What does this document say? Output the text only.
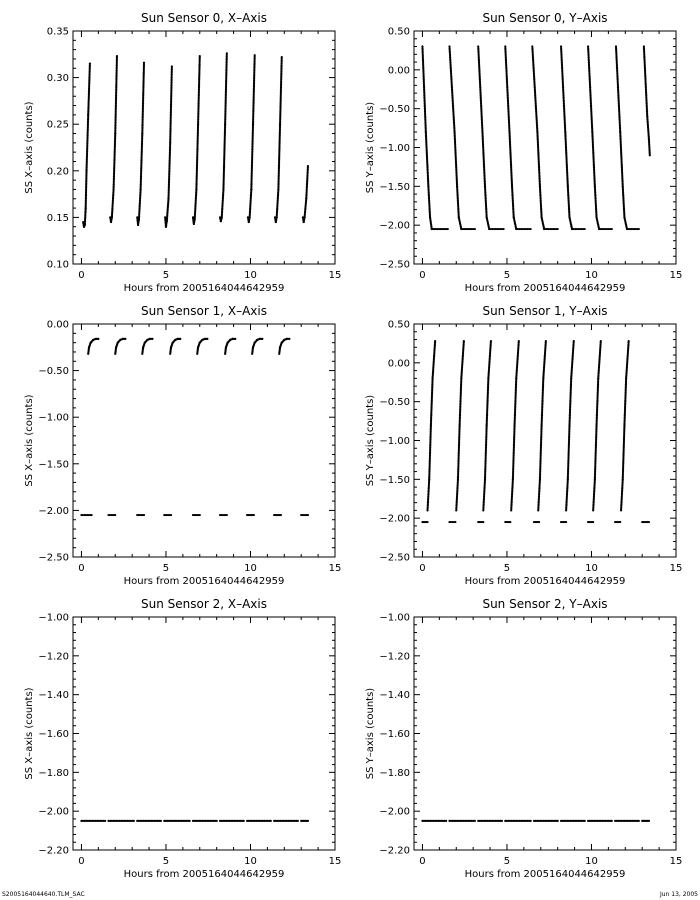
Sun Sensor 0, X–Axis
0	5	10	15
0.10
0.15
0.20
0.25
0.30
0.35
Hours from 2005164044642959
SS X–axis (counts)
Sun Sensor 0, Y–Axis
0	5	10	15
−2.50
−2.00
−1.50
−1.00
−0.50
0.00
0.50
Hours from 2005164044642959
SS Y–axis (counts)
Sun Sensor 1, X–Axis
0	5	10	15
−2.50
−2.00
−1.50
−1.00
−0.50
0.00
Hours from 2005164044642959
SS X–axis (counts)
Sun Sensor 1, Y–Axis
0	5	10	15
−2.50
−2.00
−1.50
−1.00
−0.50
0.00
0.50
Hours from 2005164044642959
SS Y–axis (counts)
Sun Sensor 2, X–Axis
0	5	10	15
−2.20
−2.00
−1.80
−1.60
−1.40
−1.20
−1.00
Hours from 2005164044642959
SS X–axis (counts)
Sun Sensor 2, Y–Axis
0	5	10	15
−2.20
−2.00
−1.80
−1.60
−1.40
−1.20
−1.00
Hours from 2005164044642959
SS Y–axis (counts)
S2005164044640.TLM_SAC	Jun 13, 2005
